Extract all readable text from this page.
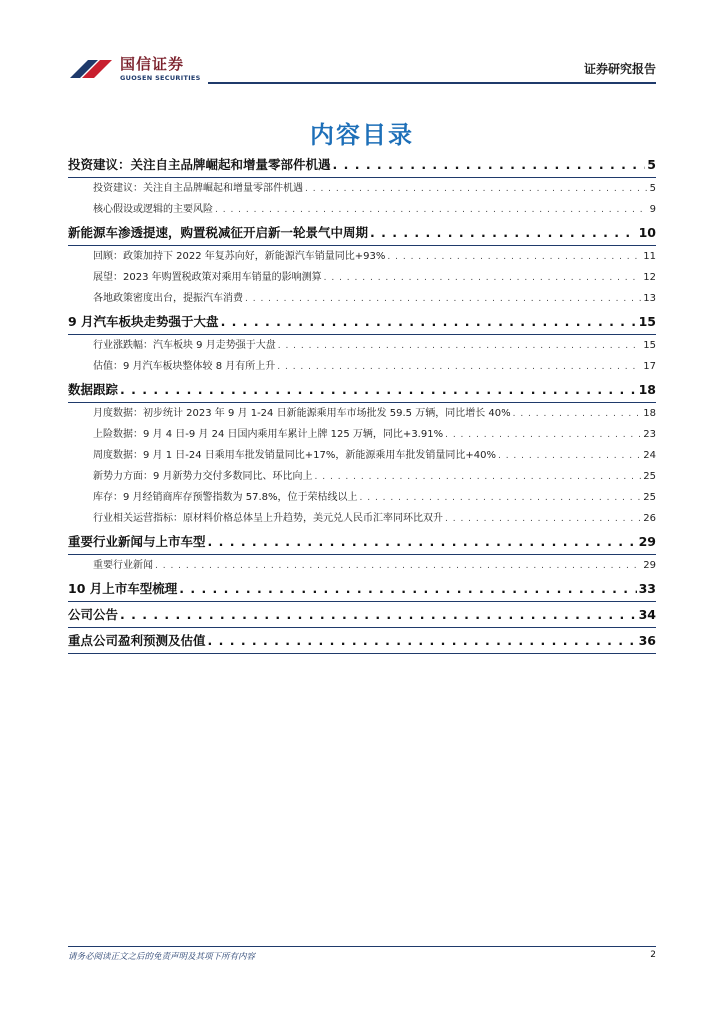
国信证券
GUOSEN SECURITIES
证券研究报告
内容目录
投资建议：关注自主品牌崛起和增量零部件机遇 . . .	5
投资建议：关注自主品牌崛起和增量零部件机遇 . . .	5
核心假设或逻辑的主要风险 . . .	9
新能源车渗透提速，购置税减征开启新一轮景气中周期 . . .	10
回顾：政策加持下 2022 年复苏向好，新能源汽车销量同比+93% . . .	11
展望：2023 年购置税政策对乘用车销量的影响测算 . . .	12
各地政策密度出台，提振汽车消费 . . .	13
9 月汽车板块走势强于大盘 . . .	15
行业涨跌幅：汽车板块 9 月走势强于大盘 . . .	15
估值：9 月汽车板块整体较 8 月有所上升 . . .	17
数据跟踪 . . .	18
月度数据：初步统计 2023 年 9 月 1-24 日新能源乘用车市场批发 59.5 万辆，同比增长 40% . . .	18
上险数据：9 月 4 日-9 月 24 日国内乘用车累计上牌 125 万辆，同比+3.91% . . .	23
周度数据：9 月 1 日-24 日乘用车批发销量同比+17%，新能源乘用车批发销量同比+40% . . .	24
新势力方面：9 月新势力交付多数同比、环比向上 . . .	25
库存：9 月经销商库存预警指数为 57.8%，位于荣枯线以上 . . .	25
行业相关运营指标：原材料价格总体呈上升趋势，美元兑人民币汇率同环比双升 . . .	26
重要行业新闻与上市车型 . . .	29
重要行业新闻 . . .	29
10 月上市车型梳理 . . .	33
公司公告 . . .	34
重点公司盈利预测及估值 . . .	36
请务必阅读正文之后的免责声明及其项下所有内容	2
